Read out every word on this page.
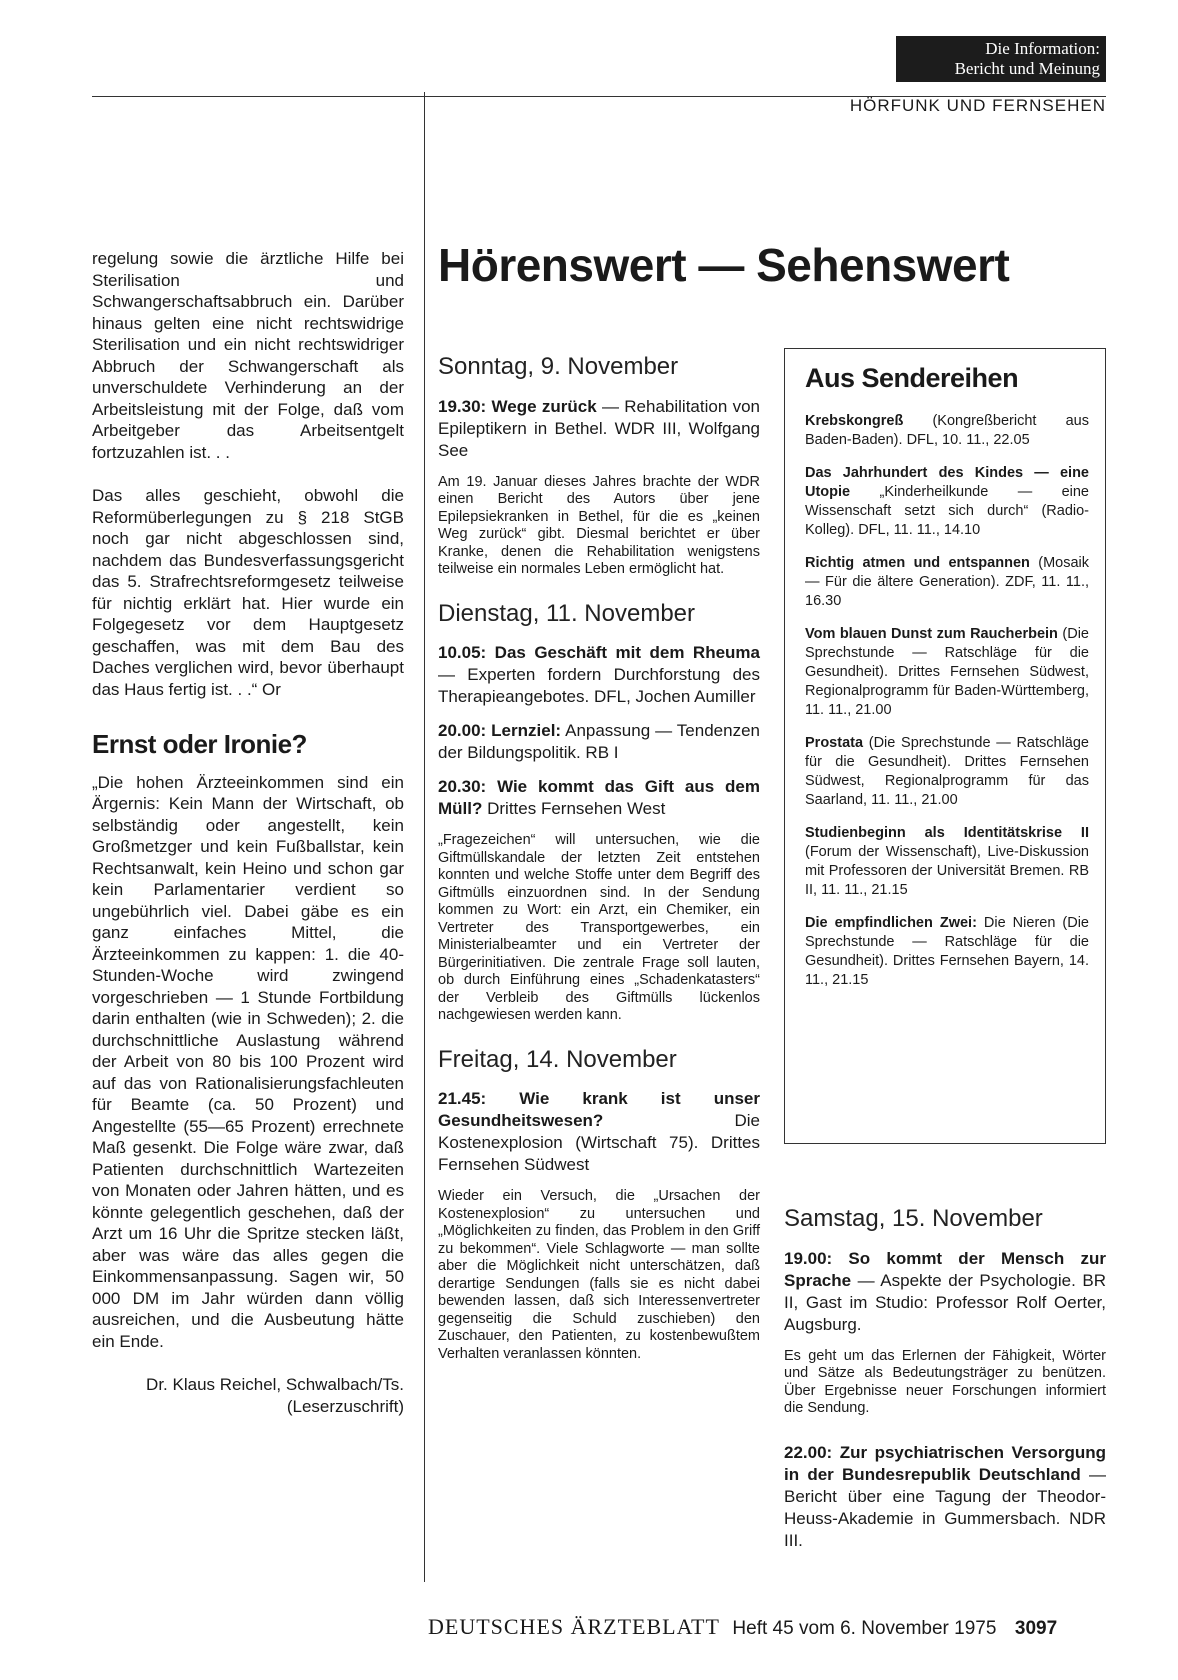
Die Information:
Bericht und Meinung
HÖRFUNK UND FERNSEHEN

regelung sowie die ärztliche Hilfe bei Sterilisation und Schwangerschaftsabbruch ein. Darüber hinaus gelten eine nicht rechtswidrige Sterilisation und ein nicht rechtswidriger Abbruch der Schwangerschaft als unverschuldete Verhinderung an der Arbeitsleistung mit der Folge, daß vom Arbeitgeber das Arbeitsentgelt fortzuzahlen ist. . .

Das alles geschieht, obwohl die Reformüberlegungen zu § 218 StGB noch gar nicht abgeschlossen sind, nachdem das Bundesverfassungsgericht das 5. Strafrechtsreformgesetz teilweise für nichtig erklärt hat. Hier wurde ein Folgegesetz vor dem Hauptgesetz geschaffen, was mit dem Bau des Daches verglichen wird, bevor überhaupt das Haus fertig ist. . .“ Or

Ernst oder Ironie?

„Die hohen Ärzteeinkommen sind ein Ärgernis: Kein Mann der Wirtschaft, ob selbständig oder angestellt, kein Großmetzger und kein Fußballstar, kein Rechtsanwalt, kein Heino und schon gar kein Parlamentarier verdient so ungebührlich viel. Dabei gäbe es ein ganz einfaches Mittel, die Ärzteeinkommen zu kappen: 1. die 40-Stunden-Woche wird zwingend vorgeschrieben — 1 Stunde Fortbildung darin enthalten (wie in Schweden); 2. die durchschnittliche Auslastung während der Arbeit von 80 bis 100 Prozent wird auf das von Rationalisierungsfachleuten für Beamte (ca. 50 Prozent) und Angestellte (55—65 Prozent) errechnete Maß gesenkt. Die Folge wäre zwar, daß Patienten durchschnittlich Wartezeiten von Monaten oder Jahren hätten, und es könnte gelegentlich geschehen, daß der Arzt um 16 Uhr die Spritze stecken läßt, aber was wäre das alles gegen die Einkommensanpassung. Sagen wir, 50 000 DM im Jahr würden dann völlig ausreichen, und die Ausbeutung hätte ein Ende.

Dr. Klaus Reichel, Schwalbach/Ts.
(Leserzuschrift)
Hörenswert — Sehenswert
Sonntag, 9. November
19.30: Wege zurück — Rehabilitation von Epileptikern in Bethel. WDR III, Wolfgang See
Am 19. Januar dieses Jahres brachte der WDR einen Bericht des Autors über jene Epilepsiekranken in Bethel, für die es „keinen Weg zurück“ gibt. Diesmal berichtet er über Kranke, denen die Rehabilitation wenigstens teilweise ein normales Leben ermöglicht hat.
Dienstag, 11. November
10.05: Das Geschäft mit dem Rheuma — Experten fordern Durchforstung des Therapieangebotes. DFL, Jochen Aumiller
20.00: Lernziel: Anpassung — Tendenzen der Bildungspolitik. RB I
20.30: Wie kommt das Gift aus dem Müll? Drittes Fernsehen West
„Fragezeichen“ will untersuchen, wie die Giftmüllskandale der letzten Zeit entstehen konnten und welche Stoffe unter dem Begriff des Giftmülls einzuordnen sind. In der Sendung kommen zu Wort: ein Arzt, ein Chemiker, ein Vertreter des Transportgewerbes, ein Ministerialbeamter und ein Vertreter der Bürgerinitiativen. Die zentrale Frage soll lauten, ob durch Einführung eines „Schadenkatasters“ der Verbleib des Giftmülls lückenlos nachgewiesen werden kann.
Freitag, 14. November
21.45: Wie krank ist unser Gesundheitswesen? Die Kostenexplosion (Wirtschaft 75). Drittes Fernsehen Südwest
Wieder ein Versuch, die „Ursachen der Kostenexplosion“ zu untersuchen und „Möglichkeiten zu finden, das Problem in den Griff zu bekommen“. Viele Schlagworte — man sollte aber die Möglichkeit nicht unterschätzen, daß derartige Sendungen (falls sie es nicht dabei bewenden lassen, daß sich Interessenvertreter gegenseitig die Schuld zuschieben) den Zuschauer, den Patienten, zu kostenbewußtem Verhalten veranlassen könnten.
Aus Sendereihen
Krebskongreß (Kongreßbericht aus Baden-Baden). DFL, 10. 11., 22.05
Das Jahrhundert des Kindes — eine Utopie „Kinderheilkunde — eine Wissenschaft setzt sich durch“ (Radio-Kolleg). DFL, 11. 11., 14.10
Richtig atmen und entspannen (Mosaik — Für die ältere Generation). ZDF, 11. 11., 16.30
Vom blauen Dunst zum Raucherbein (Die Sprechstunde — Ratschläge für die Gesundheit). Drittes Fernsehen Südwest, Regionalprogramm für Baden-Württemberg, 11. 11., 21.00
Prostata (Die Sprechstunde — Ratschläge für die Gesundheit). Drittes Fernsehen Südwest, Regionalprogramm für das Saarland, 11. 11., 21.00
Studienbeginn als Identitätskrise II (Forum der Wissenschaft), Live-Diskussion mit Professoren der Universität Bremen. RB II, 11. 11., 21.15
Die empfindlichen Zwei: Die Nieren (Die Sprechstunde — Ratschläge für die Gesundheit). Drittes Fernsehen Bayern, 14. 11., 21.15
Samstag, 15. November
19.00: So kommt der Mensch zur Sprache — Aspekte der Psychologie. BR II, Gast im Studio: Professor Rolf Oerter, Augsburg.
Es geht um das Erlernen der Fähigkeit, Wörter und Sätze als Bedeutungsträger zu benützen. Über Ergebnisse neuer Forschungen informiert die Sendung.
22.00: Zur psychiatrischen Versorgung in der Bundesrepublik Deutschland — Bericht über eine Tagung der Theodor-Heuss-Akademie in Gummersbach. NDR III.
DEUTSCHES ÄRZTEBLATT Heft 45 vom 6. November 1975 3097
